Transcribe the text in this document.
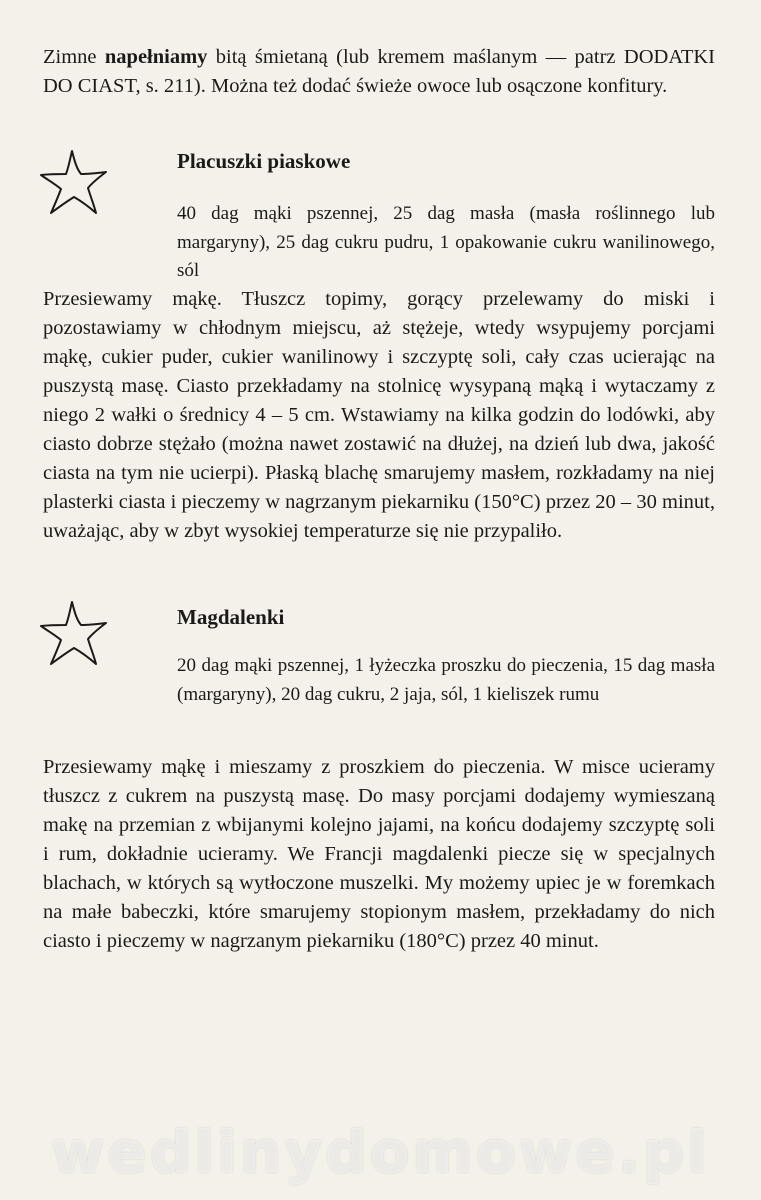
Zimne napełniamy bitą śmietaną (lub kremem maślanym — patrz DODATKI DO CIAST, s. 211). Można też dodać świeże owoce lub osączone konfitury.

Placuszki piaskowe

40 dag mąki pszennej, 25 dag masła (masła roślinnego lub margaryny), 25 dag cukru pudru, 1 opakowanie cukru wanilinowego, sól

Przesiewamy mąkę. Tłuszcz topimy, gorący przelewamy do miski i pozostawiamy w chłodnym miejscu, aż stężeje, wtedy wsypujemy porcjami mąkę, cukier puder, cukier wanilinowy i szczyptę soli, cały czas ucierając na puszystą masę. Ciasto przekładamy na stolnicę wysypaną mąką i wytaczamy z niego 2 wałki o średnicy 4 – 5 cm. Wstawiamy na kilka godzin do lodówki, aby ciasto dobrze stężało (można nawet zostawić na dłużej, na dzień lub dwa, jakość ciasta na tym nie ucierpi). Płaską blachę smarujemy masłem, rozkładamy na niej plasterki ciasta i pieczemy w nagrzanym piekarniku (150°C) przez 20 – 30 minut, uważając, aby w zbyt wysokiej temperaturze się nie przypaliło.

Magdalenki

20 dag mąki pszennej, 1 łyżeczka proszku do pieczenia, 15 dag masła (margaryny), 20 dag cukru, 2 jaja, sól, 1 kieliszek rumu

Przesiewamy mąkę i mieszamy z proszkiem do pieczenia. W misce ucieramy tłuszcz z cukrem na puszystą masę. Do masy porcjami dodajemy wymieszaną makę na przemian z wbijanymi kolejno jajami, na końcu dodajemy szczyptę soli i rum, dokładnie ucieramy. We Francji magdalenki piecze się w specjalnych blachach, w których są wytłoczone muszelki. My możemy upiec je w foremkach na małe babeczki, które smarujemy stopionym masłem, przekładamy do nich ciasto i pieczemy w nagrzanym piekarniku (180°C) przez 40 minut.

wedlinydomowe.pl
